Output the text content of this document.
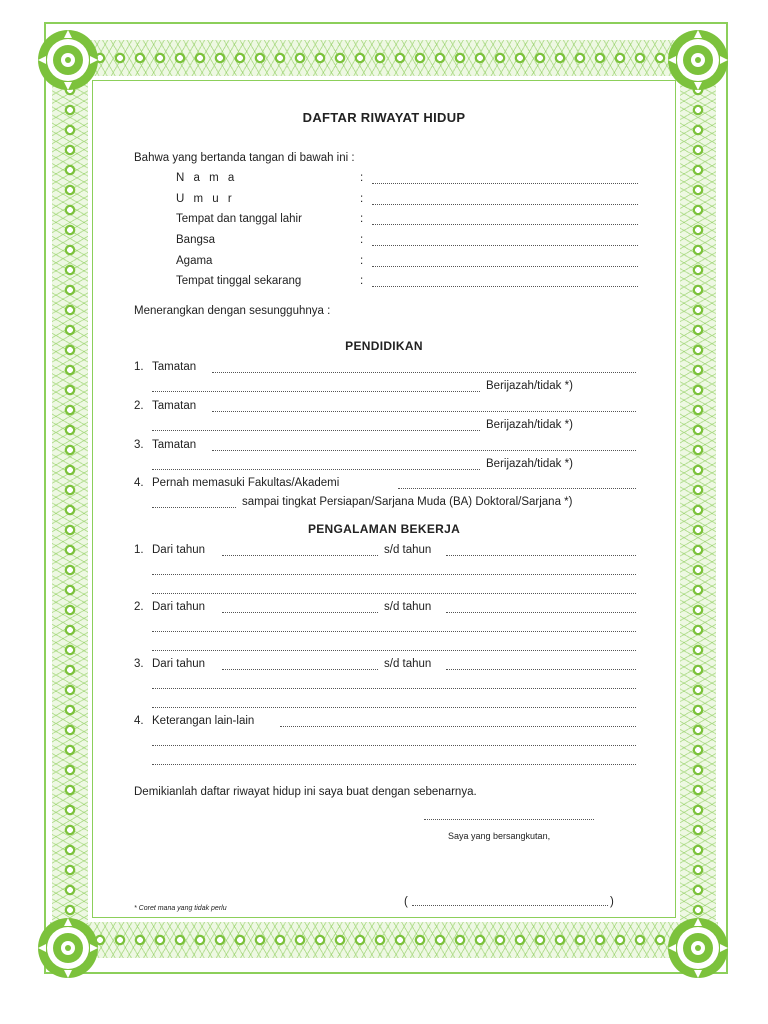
DAFTAR RIWAYAT HIDUP
Bahwa yang bertanda tangan di bawah ini :
N a m a	:
U m u r	:
Tempat dan tanggal lahir	:
Bangsa	:
Agama	:
Tempat tinggal sekarang	:
Menerangkan dengan sesungguhnya :
PENDIDIKAN
1. Tamatan
Berijazah/tidak *)
2. Tamatan
Berijazah/tidak *)
3. Tamatan
Berijazah/tidak *)
4. Pernah memasuki Fakultas/Akademi
sampai tingkat Persiapan/Sarjana Muda (BA) Doktoral/Sarjana *)
PENGALAMAN BEKERJA
1. Dari tahun	s/d tahun
2. Dari tahun	s/d tahun
3. Dari tahun	s/d tahun
4. Keterangan lain-lain
Demikianlah daftar riwayat hidup ini saya buat dengan sebenarnya.
Saya yang bersangkutan,
(	)
* Coret mana yang tidak perlu
